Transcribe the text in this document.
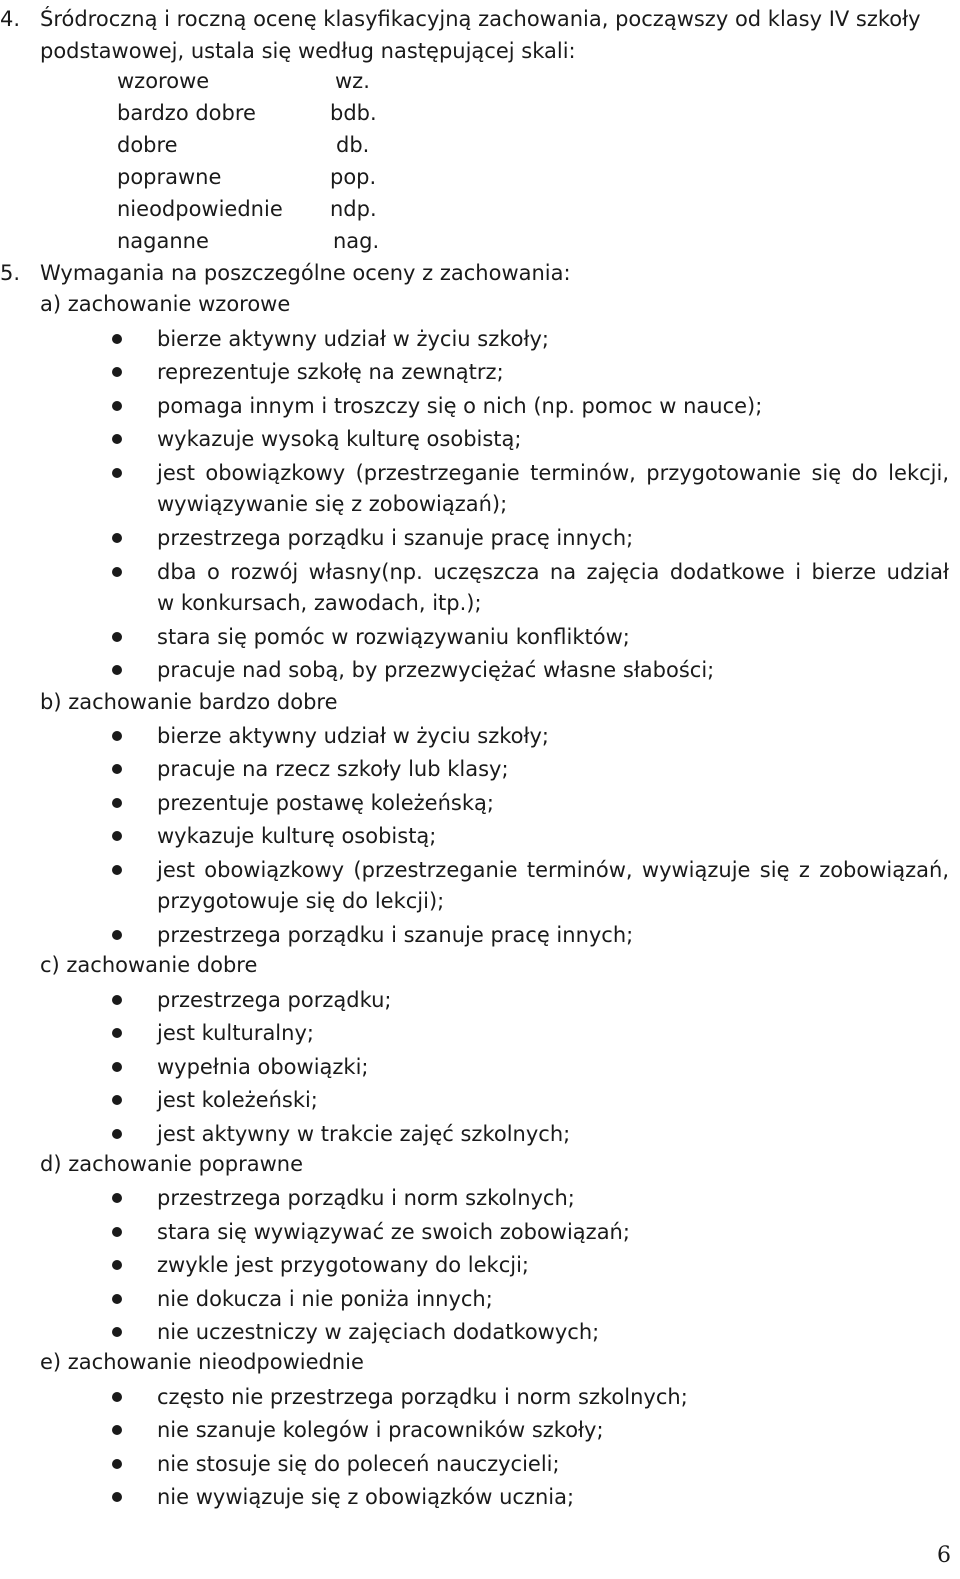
4. Śródroczną i roczną ocenę klasyfikacyjną zachowania, począwszy od klasy IV szkoły
podstawowej, ustala się według następującej skali:
wzorowe	wz.
bardzo dobre	bdb.
dobre	db.
poprawne	pop.
nieodpowiednie ndp.
naganne	nag.
5. Wymagania na poszczególne oceny z zachowania:
a) zachowanie wzorowe
bierze aktywny udział w życiu szkoły;
reprezentuje szkołę na zewnątrz;
pomaga innym i troszczy się o nich (np. pomoc w nauce);
wykazuje wysoką kulturę osobistą;
jest obowiązkowy (przestrzeganie terminów, przygotowanie się do lekcji,
wywiązywanie się z zobowiązań);
przestrzega porządku i szanuje pracę innych;
dba o rozwój własny(np. uczęszcza na zajęcia dodatkowe i bierze udział
w konkursach, zawodach, itp.);
stara się pomóc w rozwiązywaniu konfliktów;
pracuje nad sobą, by przezwyciężać własne słabości;
b) zachowanie bardzo dobre
bierze aktywny udział w życiu szkoły;
pracuje na rzecz szkoły lub klasy;
prezentuje postawę koleżeńską;
wykazuje kulturę osobistą;
jest obowiązkowy (przestrzeganie terminów, wywiązuje się z zobowiązań,
przygotowuje się do lekcji);
przestrzega porządku i szanuje pracę innych;
c) zachowanie dobre
przestrzega porządku;
jest kulturalny;
wypełnia obowiązki;
jest koleżeński;
jest aktywny w trakcie zajęć szkolnych;
d) zachowanie poprawne
przestrzega porządku i norm szkolnych;
stara się wywiązywać ze swoich zobowiązań;
zwykle jest przygotowany do lekcji;
nie dokucza i nie poniża innych;
nie uczestniczy w zajęciach dodatkowych;
e) zachowanie nieodpowiednie
często nie przestrzega porządku i norm szkolnych;
nie szanuje kolegów i pracowników szkoły;
nie stosuje się do poleceń nauczycieli;
nie wywiązuje się z obowiązków ucznia;
6
